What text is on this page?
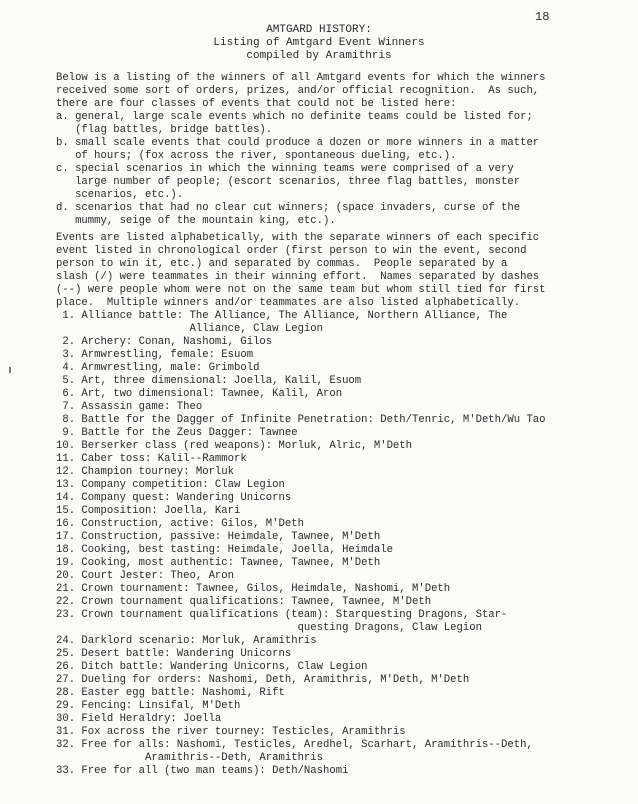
18
AMTGARD HISTORY:
Listing of Amtgard Event Winners
compiled by Aramithris
Below is a listing of the winners of all Amtgard events for which the winners
received some sort of orders, prizes, and/or official recognition.  As such,
there are four classes of events that could not be listed here:
a. general, large scale events which no definite teams could be listed for;
(flag battles, bridge battles).
b. small scale events that could produce a dozen or more winners in a matter
of hours; (fox across the river, spontaneous dueling, etc.).
c. special scenarios in which the winning teams were comprised of a very
large number of people; (escort scenarios, three flag battles, monster
scenarios, etc.).
d. scenarios that had no clear cut winners; (space invaders, curse of the
mummy, seige of the mountain king, etc.).
Events are listed alphabetically, with the separate winners of each specific
event listed in chronological order (first person to win the event, second
person to win it, etc.) and separated by commas.  People separated by a
slash (/) were teammates in their winning effort.  Names separated by dashes
(--) were people whom were not on the same team but whom still tied for first
place.  Multiple winners and/or teammates are also listed alphabetically.
1. Alliance battle: The Alliance, The Alliance, Northern Alliance, The
Alliance, Claw Legion
2. Archery: Conan, Nashomi, Gilos
3. Armwrestling, female: Esuom
4. Armwrestling, male: Grimbold
5. Art, three dimensional: Joella, Kalil, Esuom
6. Art, two dimensional: Tawnee, Kalil, Aron
7. Assassin game: Theo
8. Battle for the Dagger of Infinite Penetration: Deth/Tenric, M'Deth/Wu Tao
9. Battle for the Zeus Dagger: Tawnee
10. Berserker class (red weapons): Morluk, Alric, M'Deth
11. Caber toss: Kalil--Rammork
12. Champion tourney: Morluk
13. Company competition: Claw Legion
14. Company quest: Wandering Unicorns
15. Composition: Joella, Kari
16. Construction, active: Gilos, M'Deth
17. Construction, passive: Heimdale, Tawnee, M'Deth
18. Cooking, best tasting: Heimdale, Joella, Heimdale
19. Cooking, most authentic: Tawnee, Tawnee, M'Deth
20. Court Jester: Theo, Aron
21. Crown tournament: Tawnee, Gilos, Heimdale, Nashomi, M'Deth
22. Crown tournament qualifications: Tawnee, Tawnee, M'Deth
23. Crown tournament qualifications (team): Starquesting Dragons, Star-
questing Dragons, Claw Legion
24. Darklord scenario: Morluk, Aramithris
25. Desert battle: Wandering Unicorns
26. Ditch battle: Wandering Unicorns, Claw Legion
27. Dueling for orders: Nashomi, Deth, Aramithris, M'Deth, M'Deth
28. Easter egg battle: Nashomi, Rift
29. Fencing: Linsifal, M'Deth
30. Field Heraldry: Joella
31. Fox across the river tourney: Testicles, Aramithris
32. Free for alls: Nashomi, Testicles, Aredhel, Scarhart, Aramithris--Deth,
Aramithris--Deth, Aramithris
33. Free for all (two man teams): Deth/Nashomi
